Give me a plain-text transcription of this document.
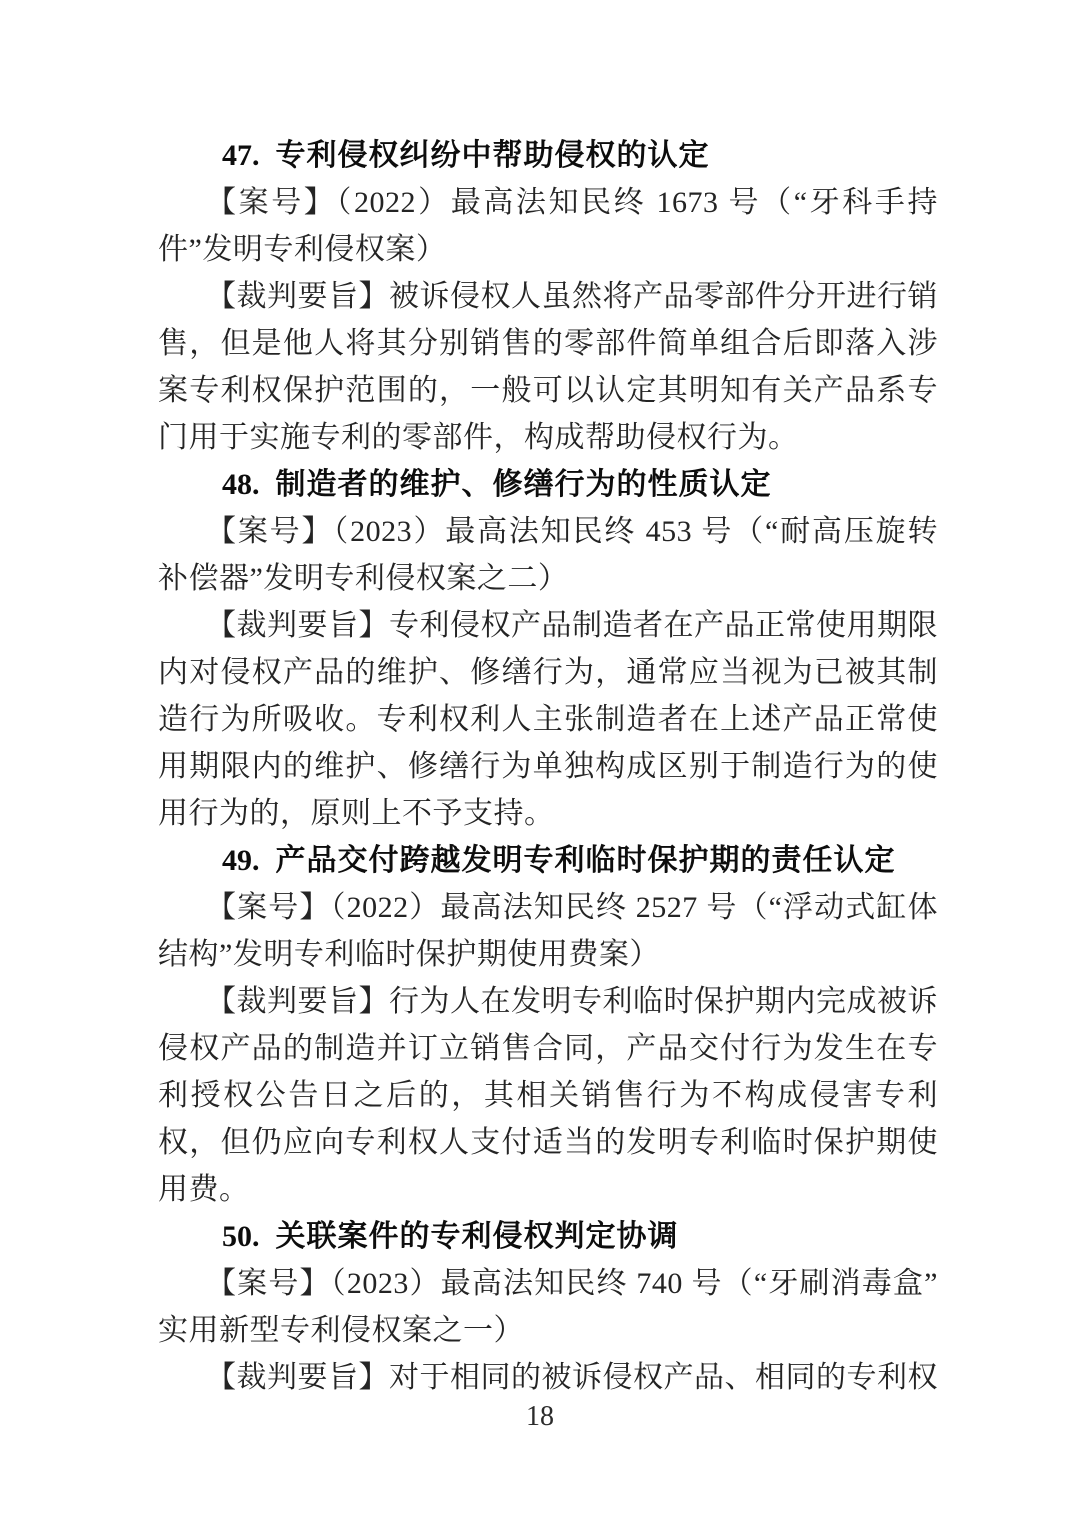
47. 专利侵权纠纷中帮助侵权的认定

【案号】（2022）最高法知民终 1673 号（“牙科手持件”发明专利侵权案）

【裁判要旨】被诉侵权人虽然将产品零部件分开进行销售，但是他人将其分别销售的零部件简单组合后即落入涉案专利权保护范围的，一般可以认定其明知有关产品系专门用于实施专利的零部件，构成帮助侵权行为。

48. 制造者的维护、修缮行为的性质认定

【案号】（2023）最高法知民终 453 号（“耐高压旋转补偿器”发明专利侵权案之二）

【裁判要旨】专利侵权产品制造者在产品正常使用期限内对侵权产品的维护、修缮行为，通常应当视为已被其制造行为所吸收。专利权利人主张制造者在上述产品正常使用期限内的维护、修缮行为单独构成区别于制造行为的使用行为的，原则上不予支持。

49. 产品交付跨越发明专利临时保护期的责任认定

【案号】（2022）最高法知民终 2527 号（“浮动式缸体结构”发明专利临时保护期使用费案）

【裁判要旨】行为人在发明专利临时保护期内完成被诉侵权产品的制造并订立销售合同，产品交付行为发生在专利授权公告日之后的，其相关销售行为不构成侵害专利权，但仍应向专利权人支付适当的发明专利临时保护期使用费。

50. 关联案件的专利侵权判定协调

【案号】（2023）最高法知民终 740 号（“牙刷消毒盒”实用新型专利侵权案之一）

【裁判要旨】对于相同的被诉侵权产品、相同的专利权

18
